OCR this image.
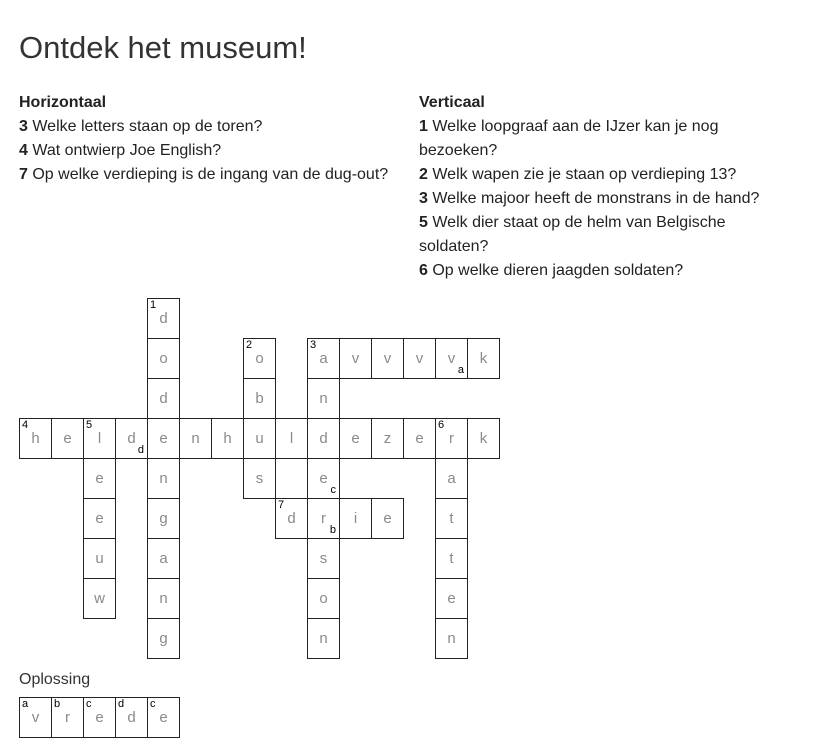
Ontdek het museum!
Horizontaal
3 Welke letters staan op de toren?
4 Wat ontwierp Joe English?
7 Op welke verdieping is de ingang van de dug-out?
Verticaal
1 Welke loopgraaf aan de IJzer kan je nog bezoeken?
2 Welk wapen zie je staan op verdieping 13?
3 Welke majoor heeft de monstrans in de hand?
5 Welk dier staat op de helm van Belgische soldaten?
6 Op welke dieren jaagden soldaten?
1
d
o
2
o
3
a	v	v	v	v
a
k
d	b	n
4
h	e
5
l	d
d
e	n	h	u	l	d	e	z	e
6
r	k
e	n	s	e
c
a
e	g
7
d	r
b
i	e	t
u	a	s	t
w	n	o	e
g	n	n
Oplossing
a
v
b
r
c
e
d
d
c
e
